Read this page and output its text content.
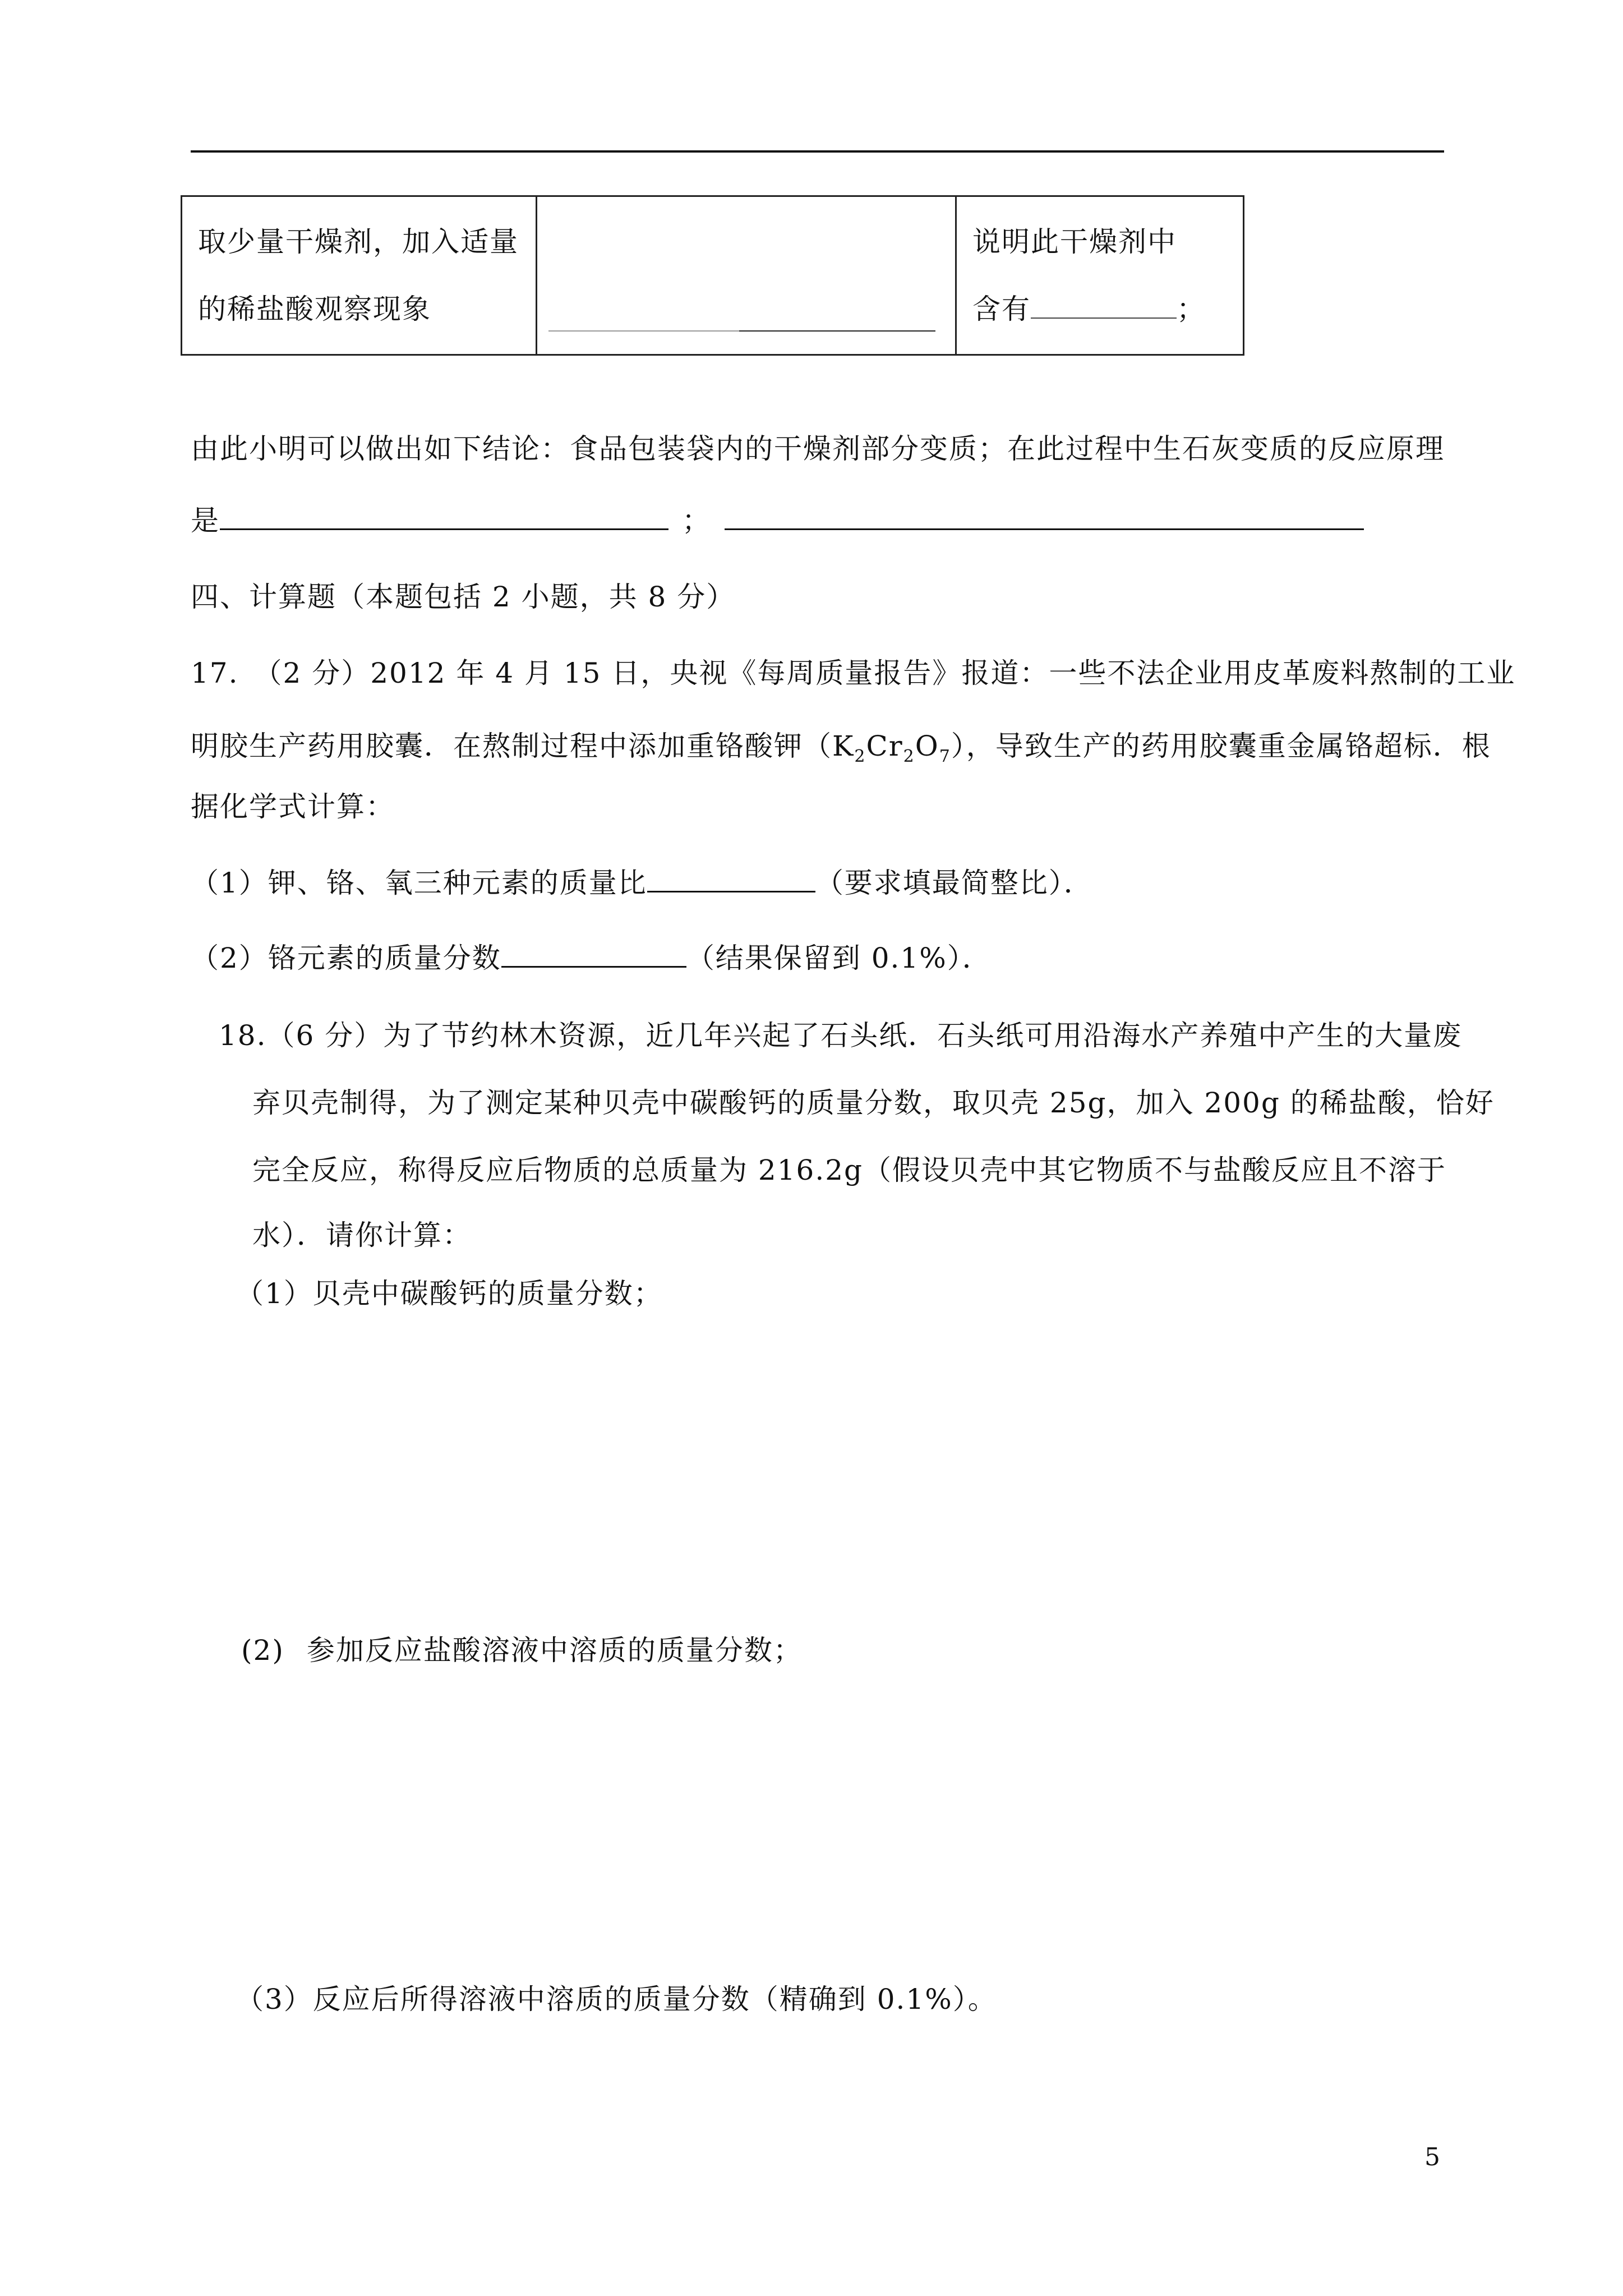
取少量干燥剂，加入适量
的稀盐酸观察现象

说明此干燥剂中
含有	；
由此小明可以做出如下结论：食品包装袋内的干燥剂部分变质；在此过程中生石灰变质的反应原理
是	；
四、计算题（本题包括 2 小题，共 8 分）
17.　（2 分）2012 年 4 月 15 日，央视《每周质量报告》报道：一些不法企业用皮革废料熬制的工业
明胶生产药用胶囊．在熬制过程中添加重铬酸钾$(K_2Cr_2O_7)$，导致生产的药用胶囊重金属铬超标．根
据化学式计算：
（1）钾、铬、氧三种元素的质量比	（要求填最简整比）．
（2）铬元素的质量分数	（结果保留到 0.1%）．
18.（6 分）为了节约林木资源，近几年兴起了石头纸．石头纸可用沿海水产养殖中产生的大量废
弃贝壳制得，为了测定某种贝壳中碳酸钙的质量分数，取贝壳 25g，加入 200g 的稀盐酸，恰好
完全反应，称得反应后物质的总质量为 216.2g（假设贝壳中其它物质不与盐酸反应且不溶于
水）．请你计算：
（1）贝壳中碳酸钙的质量分数；
(2) 参加反应盐酸溶液中溶质的质量分数；
（3）反应后所得溶液中溶质的质量分数（精确到 0.1%）。
5
